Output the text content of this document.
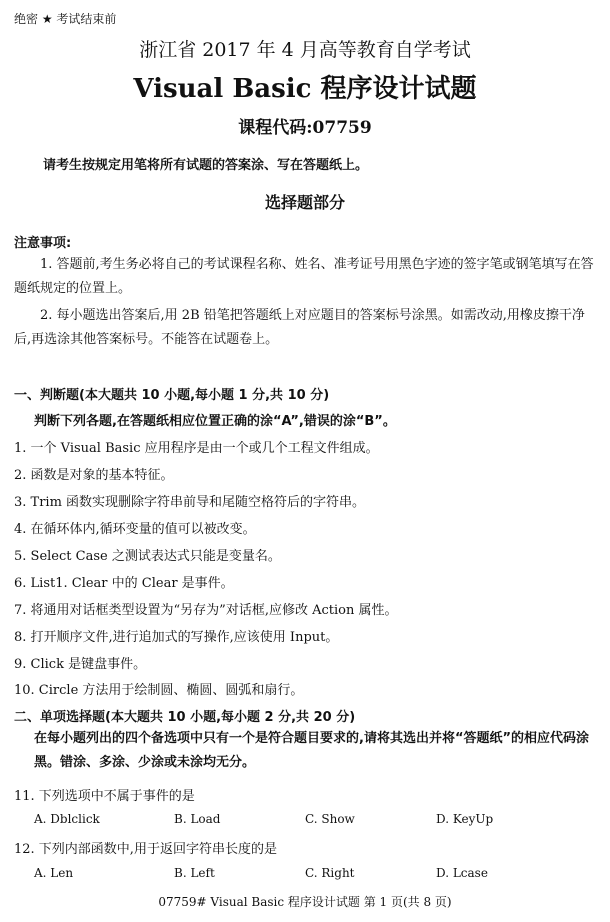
绝密 ★ 考试结束前
浙江省 2017 年 4 月高等教育自学考试
Visual Basic 程序设计试题
课程代码:07759
请考生按规定用笔将所有试题的答案涂、写在答题纸上。
选择题部分
注意事项:
1. 答题前,考生务必将自己的考试课程名称、姓名、准考证号用黑色字迹的签字笔或钢笔填写在答题纸规定的位置上。
2. 每小题选出答案后,用 2B 铅笔把答题纸上对应题目的答案标号涂黑。如需改动,用橡皮擦干净后,再选涂其他答案标号。不能答在试题卷上。
一、判断题(本大题共 10 小题,每小题 1 分,共 10 分)
判断下列各题,在答题纸相应位置正确的涂“A”,错误的涂“B”。
1. 一个 Visual Basic 应用程序是由一个或几个工程文件组成。
2. 函数是对象的基本特征。
3. Trim 函数实现删除字符串前导和尾随空格符后的字符串。
4. 在循环体内,循环变量的值可以被改变。
5. Select Case 之测试表达式只能是变量名。
6. List1. Clear 中的 Clear 是事件。
7. 将通用对话框类型设置为“另存为”对话框,应修改 Action 属性。
8. 打开顺序文件,进行追加式的写操作,应该使用 Input。
9. Click 是键盘事件。
10. Circle 方法用于绘制圆、椭圆、圆弧和扇行。
二、单项选择题(本大题共 10 小题,每小题 2 分,共 20 分)
在每小题列出的四个备选项中只有一个是符合题目要求的,请将其选出并将“答题纸”的相应代码涂黑。错涂、多涂、少涂或未涂均无分。
11. 下列选项中不属于事件的是
A. Dblclick	B. Load	C. Show	D. KeyUp
12. 下列内部函数中,用于返回字符串长度的是
A. Len	B. Left	C. Right	D. Lcase
07759# Visual Basic 程序设计试题 第 1 页(共 8 页)
